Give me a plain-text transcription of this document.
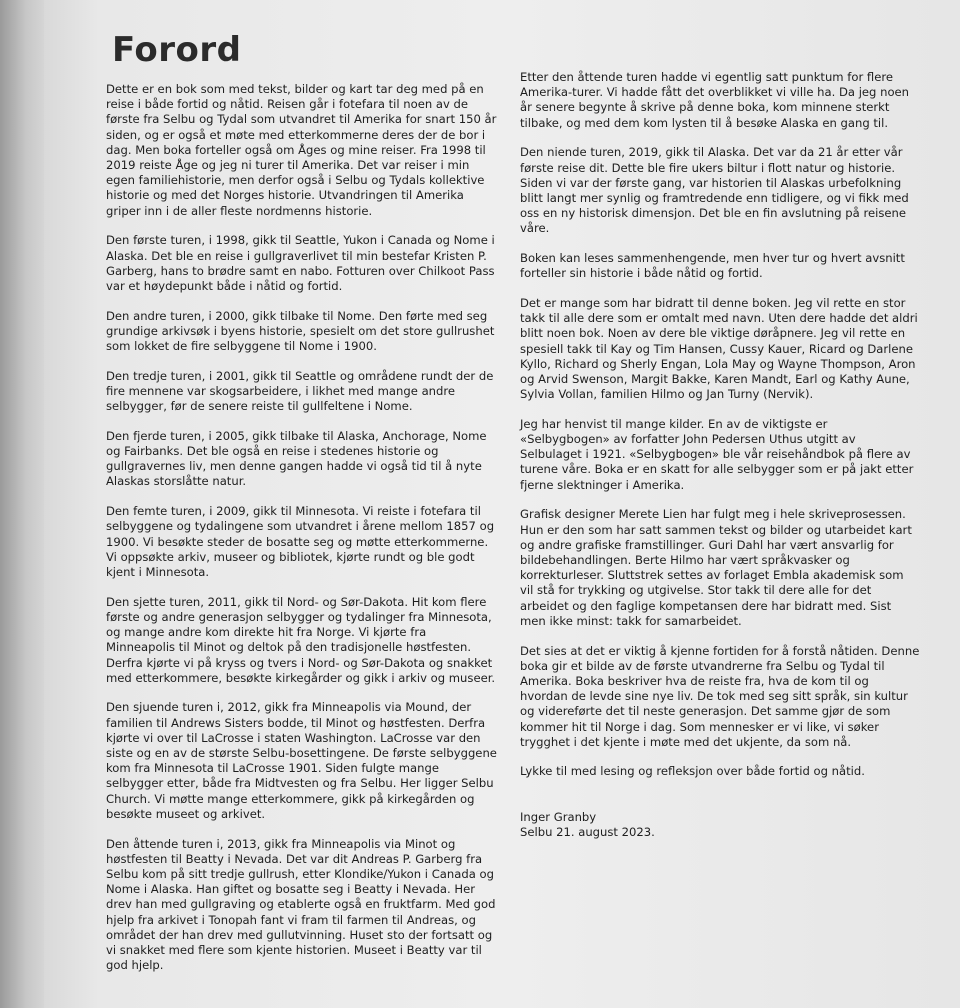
Forord

Dette er en bok som med tekst, bilder og kart tar deg med på en reise i både fortid og nåtid. Reisen går i fotefara til noen av de første fra Selbu og Tydal som utvandret til Amerika for snart 150 år siden, og er også et møte med etterkommerne deres der de bor i dag. Men boka forteller også om Åges og mine reiser. Fra 1998 til 2019 reiste Åge og jeg ni turer til Amerika. Det var reiser i min egen familiehistorie, men derfor også i Selbu og Tydals kollektive historie og med det Norges historie. Utvandringen til Amerika griper inn i de aller fleste nordmenns historie.

Den første turen, i 1998, gikk til Seattle, Yukon i Canada og Nome i Alaska. Det ble en reise i gullgraverlivet til min bestefar Kristen P. Garberg, hans to brødre samt en nabo. Fotturen over Chilkoot Pass var et høydepunkt både i nåtid og fortid.

Den andre turen, i 2000, gikk tilbake til Nome. Den førte med seg grundige arkivsøk i byens historie, spesielt om det store gullrushet som lokket de fire selbyggene til Nome i 1900.

Den tredje turen, i 2001, gikk til Seattle og områdene rundt der de fire mennene var skogsarbeidere, i likhet med mange andre selbygger, før de senere reiste til gullfeltene i Nome.

Den fjerde turen, i 2005, gikk tilbake til Alaska, Anchorage, Nome og Fairbanks. Det ble også en reise i stedenes historie og gullgravernes liv, men denne gangen hadde vi også tid til å nyte Alaskas storslåtte natur.

Den femte turen, i 2009, gikk til Minnesota. Vi reiste i fotefara til selbyggene og tydalingene som utvandret i årene mellom 1857 og 1900. Vi besøkte steder de bosatte seg og møtte etterkommerne. Vi oppsøkte arkiv, museer og bibliotek, kjørte rundt og ble godt kjent i Minnesota.

Den sjette turen, 2011, gikk til Nord- og Sør-Dakota. Hit kom flere første og andre generasjon selbygger og tydalinger fra Minnesota, og mange andre kom direkte hit fra Norge. Vi kjørte fra Minneapolis til Minot og deltok på den tradisjonelle høstfesten. Derfra kjørte vi på kryss og tvers i Nord- og Sør-Dakota og snakket med etterkommere, besøkte kirkegårder og gikk i arkiv og museer.

Den sjuende turen i, 2012, gikk fra Minneapolis via Mound, der familien til Andrews Sisters bodde, til Minot og høstfesten. Derfra kjørte vi over til LaCrosse i staten Washington. LaCrosse var den siste og en av de største Selbu-bosettingene. De første selbyggene kom fra Minnesota til LaCrosse 1901. Siden fulgte mange selbygger etter, både fra Midtvesten og fra Selbu. Her ligger Selbu Church. Vi møtte mange etterkommere, gikk på kirkegården og besøkte museet og arkivet.

Den åttende turen i, 2013, gikk fra Minneapolis via Minot og høstfesten til Beatty i Nevada. Det var dit Andreas P. Garberg fra Selbu kom på sitt tredje gullrush, etter Klondike/Yukon i Canada og Nome i Alaska. Han giftet og bosatte seg i Beatty i Nevada. Her drev han med gullgraving og etablerte også en fruktfarm. Med god hjelp fra arkivet i Tonopah fant vi fram til farmen til Andreas, og området der han drev med gullutvinning. Huset sto der fortsatt og vi snakket med flere som kjente historien. Museet i Beatty var til god hjelp.

Etter den åttende turen hadde vi egentlig satt punktum for flere Amerika-turer. Vi hadde fått det overblikket vi ville ha. Da jeg noen år senere begynte å skrive på denne boka, kom minnene sterkt tilbake, og med dem kom lysten til å besøke Alaska en gang til.

Den niende turen, 2019, gikk til Alaska. Det var da 21 år etter vår første reise dit. Dette ble fire ukers biltur i flott natur og historie. Siden vi var der første gang, var historien til Alaskas urbefolkning blitt langt mer synlig og framtredende enn tidligere, og vi fikk med oss en ny historisk dimensjon. Det ble en fin avslutning på reisene våre.

Boken kan leses sammenhengende, men hver tur og hvert avsnitt forteller sin historie i både nåtid og fortid.

Det er mange som har bidratt til denne boken. Jeg vil rette en stor takk til alle dere som er omtalt med navn. Uten dere hadde det aldri blitt noen bok. Noen av dere ble viktige døråpnere. Jeg vil rette en spesiell takk til Kay og Tim Hansen, Cussy Kauer, Ricard og Darlene Kyllo, Richard og Sherly Engan, Lola May og Wayne Thompson, Aron og Arvid Swenson, Margit Bakke, Karen Mandt, Earl og Kathy Aune, Sylvia Vollan, familien Hilmo og Jan Turny (Nervik).

Jeg har henvist til mange kilder. En av de viktigste er «Selbygbogen» av forfatter John Pedersen Uthus utgitt av Selbulaget i 1921. «Selbygbogen» ble vår reisehåndbok på flere av turene våre. Boka er en skatt for alle selbygger som er på jakt etter fjerne slektninger i Amerika.

Grafisk designer Merete Lien har fulgt meg i hele skriveprosessen. Hun er den som har satt sammen tekst og bilder og utarbeidet kart og andre grafiske framstillinger. Guri Dahl har vært ansvarlig for bildebehandlingen. Berte Hilmo har vært språkvasker og korrekturleser. Sluttstrek settes av forlaget Embla akademisk som vil stå for trykking og utgivelse. Stor takk til dere alle for det arbeidet og den faglige kompetansen dere har bidratt med. Sist men ikke minst: takk for samarbeidet.

Det sies at det er viktig å kjenne fortiden for å forstå nåtiden. Denne boka gir et bilde av de første utvandrerne fra Selbu og Tydal til Amerika. Boka beskriver hva de reiste fra, hva de kom til og hvordan de levde sine nye liv. De tok med seg sitt språk, sin kultur og videreførte det til neste generasjon. Det samme gjør de som kommer hit til Norge i dag. Som mennesker er vi like, vi søker trygghet i det kjente i møte med det ukjente, da som nå.

Lykke til med lesing og refleksjon over både fortid og nåtid.

Inger Granby
Selbu 21. august 2023.
